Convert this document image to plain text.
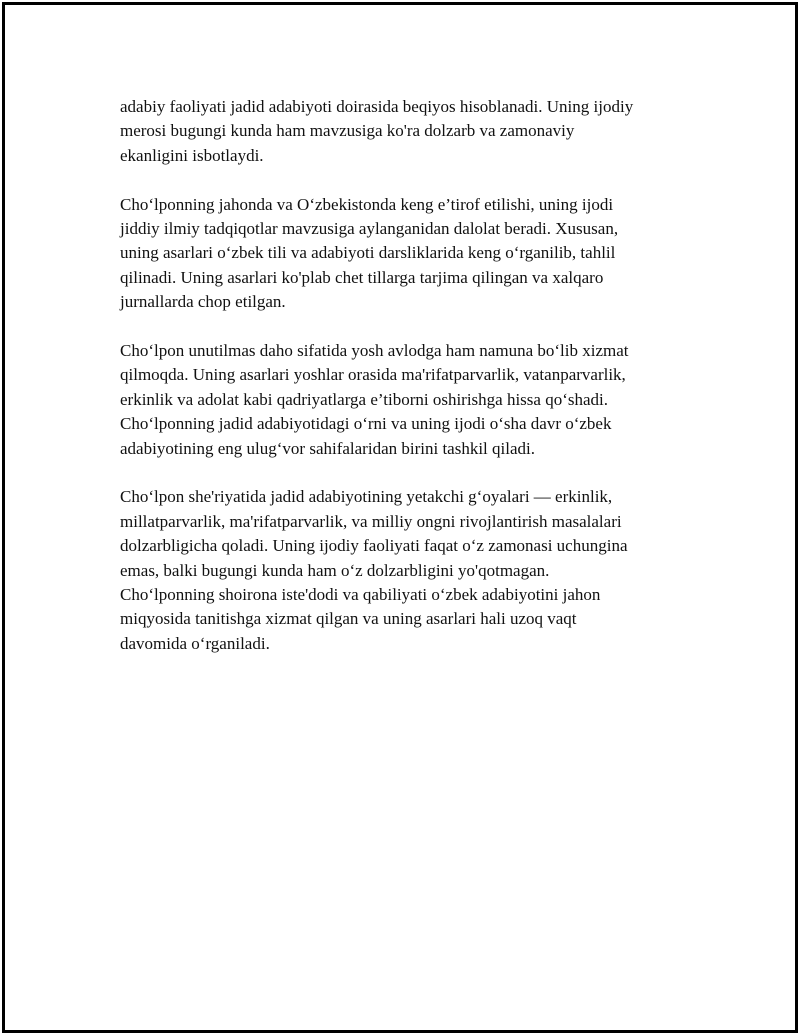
adabiy faoliyati jadid adabiyoti doirasida beqiyos hisoblanadi. Uning ijodiy
merosi bugungi kunda ham mavzusiga ko'ra dolzarb va zamonaviy
ekanligini isbotlaydi.

Cho‘lponning jahonda va O‘zbekistonda keng e’tirof etilishi, uning ijodi
jiddiy ilmiy tadqiqotlar mavzusiga aylanganidan dalolat beradi. Xususan,
uning asarlari o‘zbek tili va adabiyoti darsliklarida keng o‘rganilib, tahlil
qilinadi. Uning asarlari ko'plab chet tillarga tarjima qilingan va xalqaro
jurnallarda chop etilgan.

Cho‘lpon unutilmas daho sifatida yosh avlodga ham namuna bo‘lib xizmat
qilmoqda. Uning asarlari yoshlar orasida ma'rifatparvarlik, vatanparvarlik,
erkinlik va adolat kabi qadriyatlarga e’tiborni oshirishga hissa qo‘shadi.
Cho‘lponning jadid adabiyotidagi o‘rni va uning ijodi o‘sha davr o‘zbek
adabiyotining eng ulug‘vor sahifalaridan birini tashkil qiladi.

Cho‘lpon she'riyatida jadid adabiyotining yetakchi g‘oyalari — erkinlik,
millatparvarlik, ma'rifatparvarlik, va milliy ongni rivojlantirish masalalari
dolzarbligicha qoladi. Uning ijodiy faoliyati faqat o‘z zamonasi uchungina
emas, balki bugungi kunda ham o‘z dolzarbligini yo'qotmagan.
Cho‘lponning shoirona iste'dodi va qabiliyati o‘zbek adabiyotini jahon
miqyosida tanitishga xizmat qilgan va uning asarlari hali uzoq vaqt
davomida o‘rganiladi.
